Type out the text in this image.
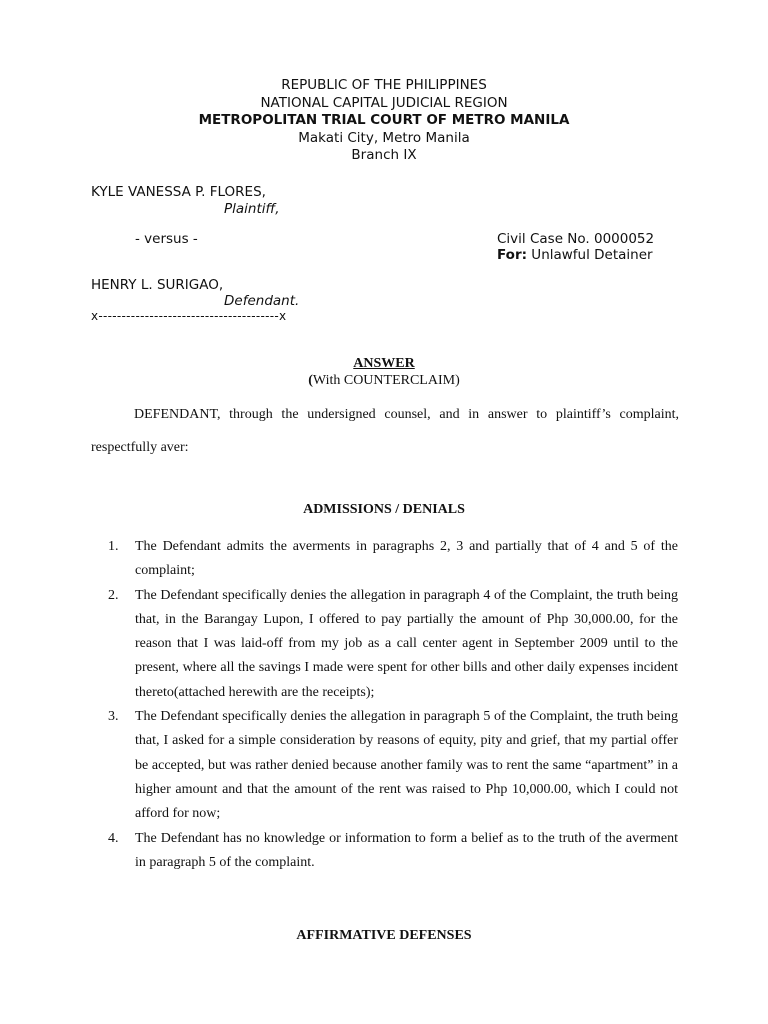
REPUBLIC OF THE PHILIPPINES
NATIONAL CAPITAL JUDICIAL REGION
METROPOLITAN TRIAL COURT OF METRO MANILA
Makati City, Metro Manila
Branch IX
KYLE VANESSA P. FLORES,
Plaintiff,
- versus -	Civil Case No. 0000052
For: Unlawful Detainer
HENRY L. SURIGAO,
Defendant.
x---------------------------------------x
ANSWER
(With COUNTERCLAIM)
DEFENDANT, through the undersigned counsel, and in answer to plaintiff’s complaint, respectfully aver:
ADMISSIONS / DENIALS
1. The Defendant admits the averments in paragraphs 2, 3 and partially that of 4 and 5 of the complaint;
2. The Defendant specifically denies the allegation in paragraph 4 of the Complaint, the truth being that, in the Barangay Lupon, I offered to pay partially the amount of Php 30,000.00, for the reason that I was laid-off from my job as a call center agent in September 2009 until to the present, where all the savings I made were spent for other bills and other daily expenses incident thereto(attached herewith are the receipts);
3. The Defendant specifically denies the allegation in paragraph 5 of the Complaint, the truth being that, I asked for a simple consideration by reasons of equity, pity and grief, that my partial offer be accepted, but was rather denied because another family was to rent the same “apartment” in a higher amount and that the amount of the rent was raised to Php 10,000.00, which I could not afford for now;
4. The Defendant has no knowledge or information to form a belief as to the truth of the averment in paragraph 5 of the complaint.
AFFIRMATIVE DEFENSES
